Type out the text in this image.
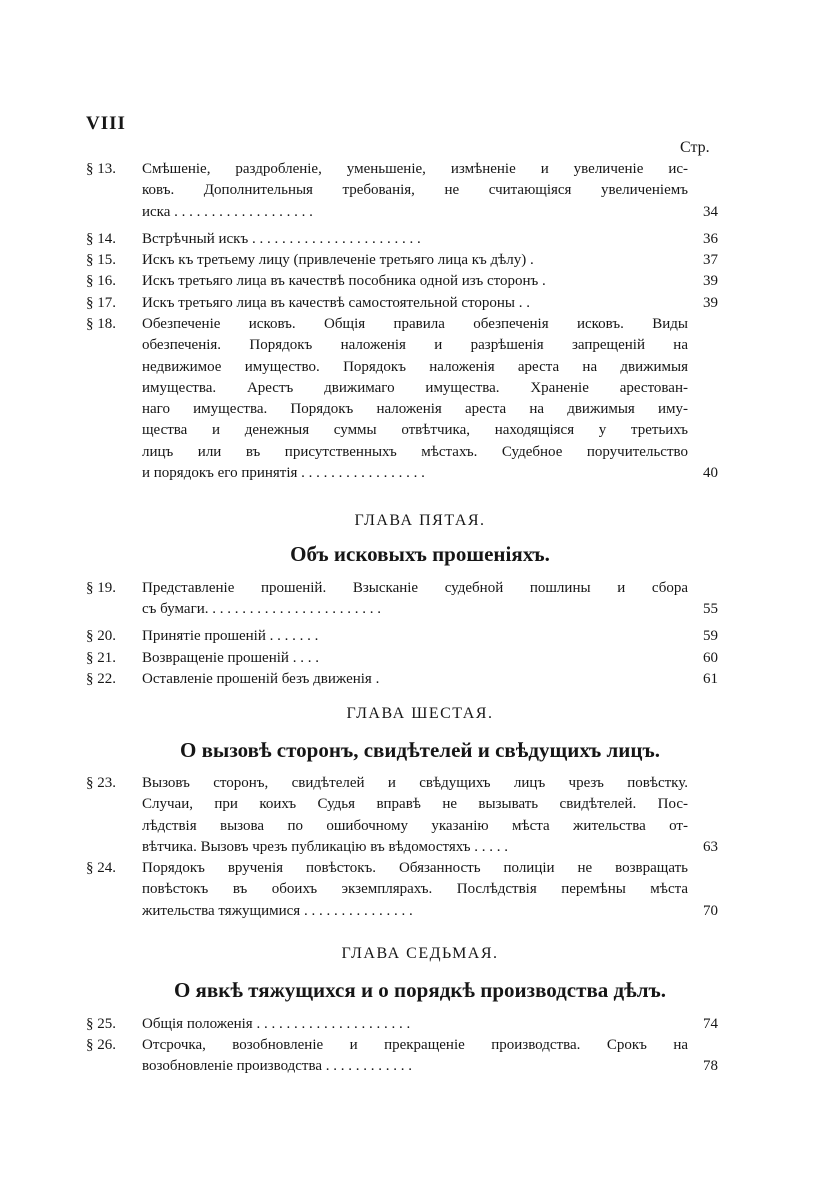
VIII
Стр.
§ 13. Смѣшеніе, раздробленіе, уменьшеніе, измѣненіе и увеличеніе ис-
ковъ. Дополнительныя требованія, не считающіяся увеличеніемъ
иска . . . . . . . . . . . . . . . . . . .	34
§ 14. Встрѣчный искъ . . . . . . . . . . . . . . . . . . . . . . .	36
§ 15. Искъ къ третьему лицу (привлеченіе третьяго лица къ дѣлу) .	37
§ 16. Искъ третьяго лица въ качествѣ пособника одной изъ сторонъ .	39
§ 17. Искъ третьяго лица въ качествѣ самостоятельной стороны . .	39
§ 18. Обезпеченіе исковъ. Общія правила обезпеченія исковъ. Виды
обезпеченія. Порядокъ наложенія и разрѣшенія запрещеній на
недвижимое имущество. Порядокъ наложенія ареста на движимыя
имущества. Арестъ движимаго имущества. Храненіе арестован-
наго имущества. Порядокъ наложенія ареста на движимыя иму-
щества и денежныя суммы отвѣтчика, находящіяся у третьихъ
лицъ или въ присутственныхъ мѣстахъ. Судебное поручительство
и порядокъ его принятія . . . . . . . . . . . . . . . . .	40
§ 19. Представленіе прошеній. Взысканіе судебной пошлины и сбора
съ бумаги. . . . . . . . . . . . . . . . . . . . . . . .	55
§ 20. Принятіе прошеній . . . . . . .	59
§ 21. Возвращеніе прошеній . . . .	60
§ 22. Оставленіе прошеній безъ движенія .	61
§ 23. Вызовъ сторонъ, свидѣтелей и свѣдущихъ лицъ чрезъ повѣстку.
Случаи, при коихъ Судья вправѣ не вызывать свидѣтелей. Пос-
лѣдствія вызова по ошибочному указанію мѣста жительства от-
вѣтчика. Вызовъ чрезъ публикацію въ вѣдомостяхъ . . . . .	63
§ 24. Порядокъ врученія повѣстокъ. Обязанность полиціи не возвращать
повѣстокъ въ обоихъ экземплярахъ. Послѣдствія перемѣны мѣста
жительства тяжущимися . . . . . . . . . . . . . . .	70
§ 25. Общія положенія . . . . . . . . . . . . . . . . . . . . .	74
§ 26. Отсрочка, возобновленіе и прекращеніе производства. Срокъ на
возобновленіе производства . . . . . . . . . . . .	78
ГЛАВА ПЯТАЯ.
Объ исковыхъ прошеніяхъ.
ГЛАВА ШЕСТАЯ.
О вызовѣ сторонъ, свидѣтелей и свѣдущихъ лицъ.
ГЛАВА СЕДЬМАЯ.
О явкѣ тяжущихся и о порядкѣ производства дѣлъ.
